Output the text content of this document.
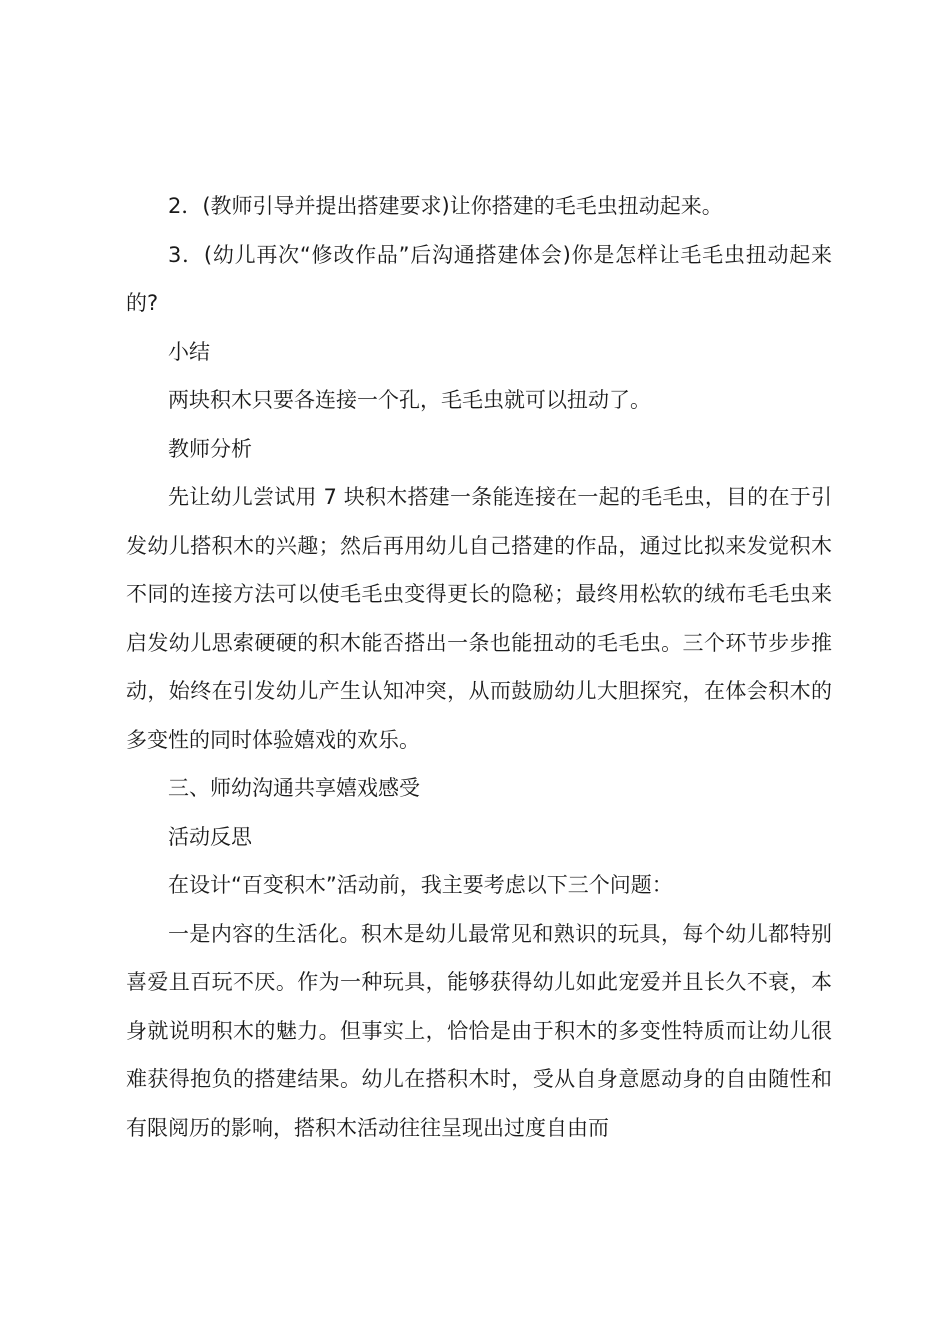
2．(教师引导并提出搭建要求)让你搭建的毛毛虫扭动起来。

3．(幼儿再次“修改作品”后沟通搭建体会)你是怎样让毛毛虫扭动起来的?

小结

两块积木只要各连接一个孔，毛毛虫就可以扭动了。

教师分析

先让幼儿尝试用 7 块积木搭建一条能连接在一起的毛毛虫，目的在于引发幼儿搭积木的兴趣；然后再用幼儿自己搭建的作品，通过比拟来发觉积木不同的连接方法可以使毛毛虫变得更长的隐秘；最终用松软的绒布毛毛虫来启发幼儿思索硬硬的积木能否搭出一条也能扭动的毛毛虫。三个环节步步推动，始终在引发幼儿产生认知冲突，从而鼓励幼儿大胆探究，在体会积木的多变性的同时体验嬉戏的欢乐。

三、师幼沟通共享嬉戏感受

活动反思

在设计“百变积木”活动前，我主要考虑以下三个问题：

一是内容的生活化。积木是幼儿最常见和熟识的玩具，每个幼儿都特别喜爱且百玩不厌。作为一种玩具，能够获得幼儿如此宠爱并且长久不衰，本身就说明积木的魅力。但事实上，恰恰是由于积木的多变性特质而让幼儿很难获得抱负的搭建结果。幼儿在搭积木时，受从自身意愿动身的自由随性和有限阅历的影响，搭积木活动往往呈现出过度自由而
